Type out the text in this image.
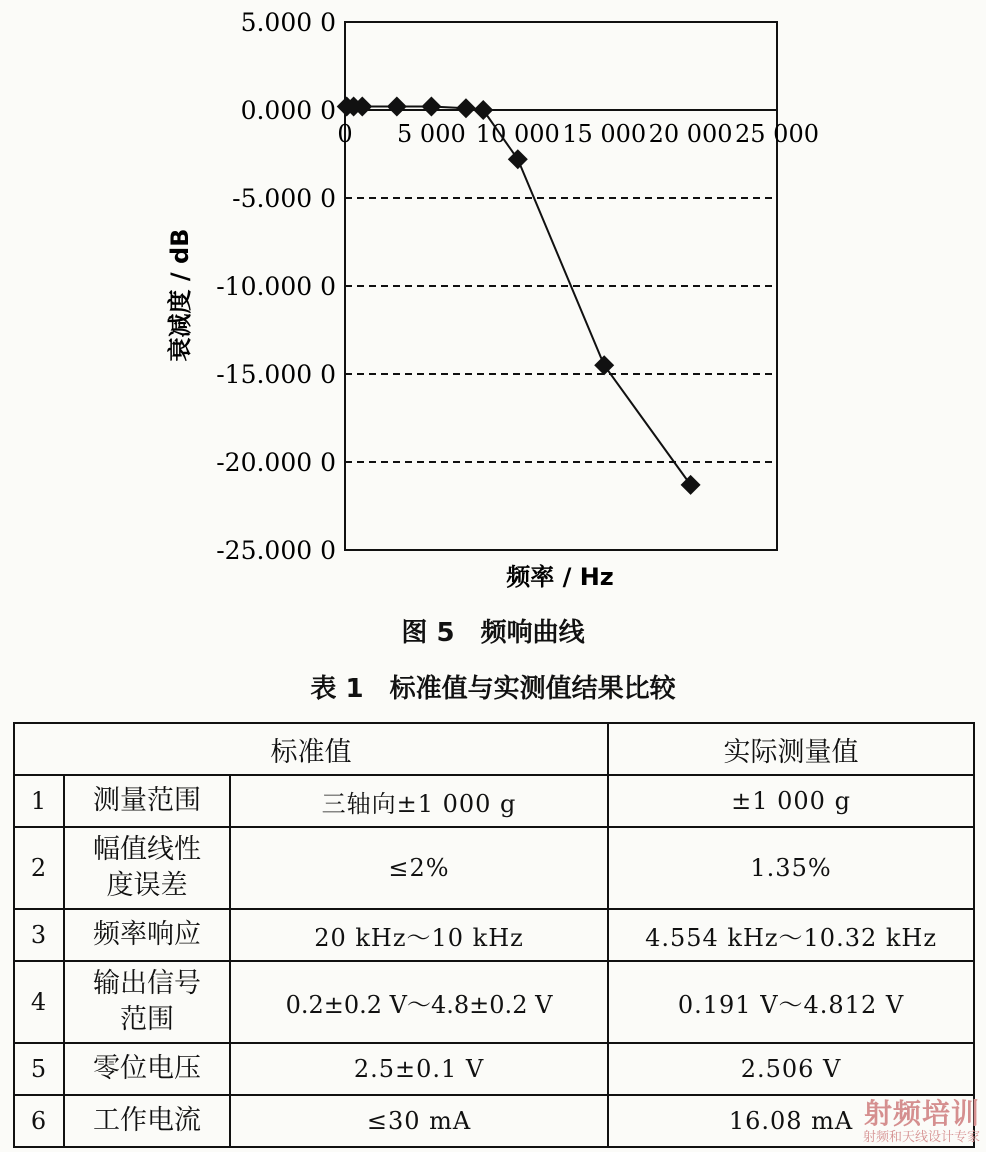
5.000 0
0.000 0
-5.000 0
-10.000 0
-15.000 0
-20.000 0
-25.000 0
0 5 000 10 000 15 000 20 000 25 000
衰减度 / dB
频率 / Hz
图 5　频响曲线
表 1　标准值与实测值结果比较
标准值			实际测量值
1	测量范围	三轴向±1 000 g	±1 000 g
2	幅值线性
度误差	≤2%	1.35%
3	频率响应	20 kHz～10 kHz	4.554 kHz～10.32 kHz
4	输出信号
范围	0.2±0.2 V～4.8±0.2 V	0.191 V～4.812 V
5	零位电压	2.5±0.1 V	2.506 V
6	工作电流	≤30 mA	16.08 mA 射频培训
射频和天线设计专家
